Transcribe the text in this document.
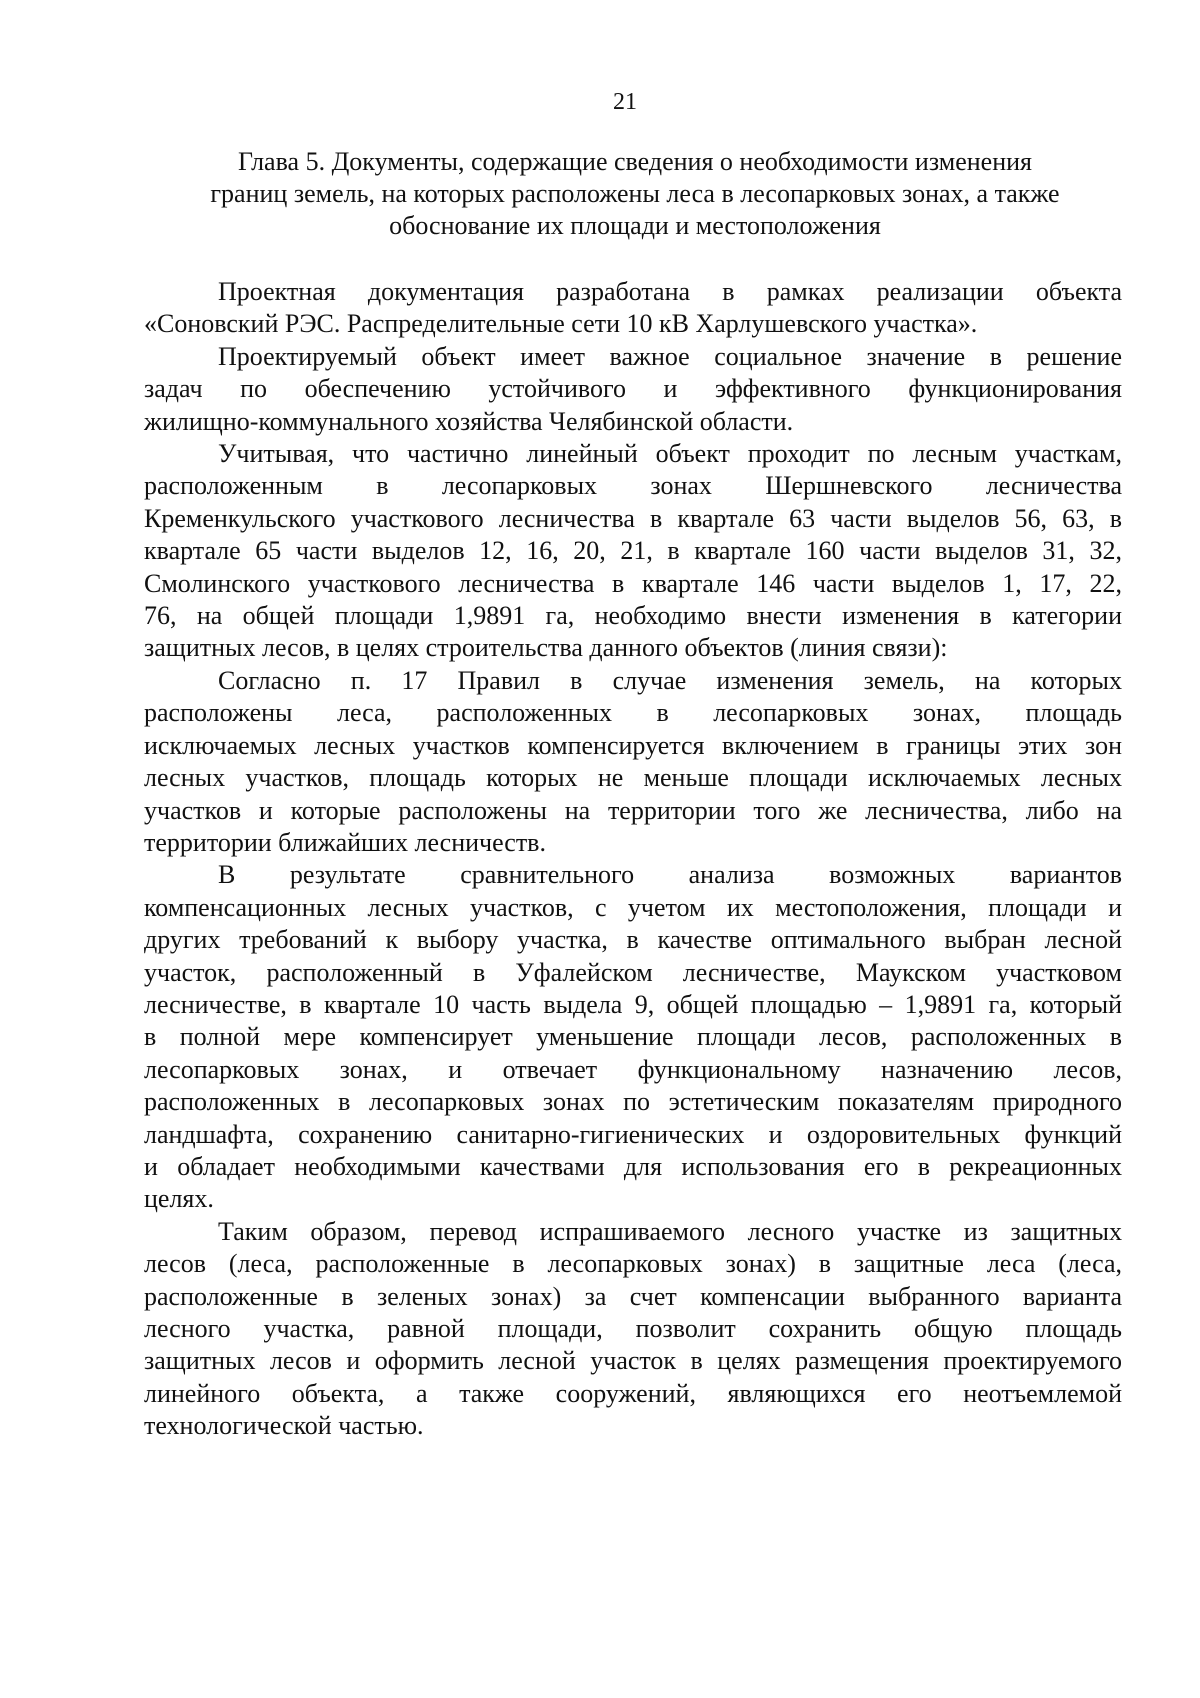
21
Глава 5. Документы, содержащие сведения о необходимости изменения
границ земель, на которых расположены леса в лесопарковых зонах, а также
обоснование их площади и местоположения
Проектная документация разработана в рамках реализации объекта
«Соновский РЭС. Распределительные сети 10 кВ Харлушевского участка».
Проектируемый объект имеет важное социальное значение в решение
задач по обеспечению устойчивого и эффективного функционирования
жилищно-коммунального хозяйства Челябинской области.
Учитывая, что частично линейный объект проходит по лесным участкам,
расположенным в лесопарковых зонах Шершневского лесничества
Кременкульского участкового лесничества в квартале 63 части выделов 56, 63, в
квартале 65 части выделов 12, 16, 20, 21, в квартале 160 части выделов 31, 32,
Смолинского участкового лесничества в квартале 146 части выделов 1, 17, 22,
76, на общей площади 1,9891 га, необходимо внести изменения в категории
защитных лесов, в целях строительства данного объектов (линия связи):
Согласно п. 17 Правил в случае изменения земель, на которых
расположены леса, расположенных в лесопарковых зонах, площадь
исключаемых лесных участков компенсируется включением в границы этих зон
лесных участков, площадь которых не меньше площади исключаемых лесных
участков и которые расположены на территории того же лесничества, либо на
территории ближайших лесничеств.
В результате сравнительного анализа возможных вариантов
компенсационных лесных участков, с учетом их местоположения, площади и
других требований к выбору участка, в качестве оптимального выбран лесной
участок, расположенный в Уфалейском лесничестве, Маукском участковом
лесничестве, в квартале 10 часть выдела 9, общей площадью – 1,9891 га, который
в полной мере компенсирует уменьшение площади лесов, расположенных в
лесопарковых зонах, и отвечает функциональному назначению лесов,
расположенных в лесопарковых зонах по эстетическим показателям природного
ландшафта, сохранению санитарно-гигиенических и оздоровительных функций
и обладает необходимыми качествами для использования его в рекреационных
целях.
Таким образом, перевод испрашиваемого лесного участке из защитных
лесов (леса, расположенные в лесопарковых зонах) в защитные леса (леса,
расположенные в зеленых зонах) за счет компенсации выбранного варианта
лесного участка, равной площади, позволит сохранить общую площадь
защитных лесов и оформить лесной участок в целях размещения проектируемого
линейного объекта, а также сооружений, являющихся его неотъемлемой
технологической частью.
